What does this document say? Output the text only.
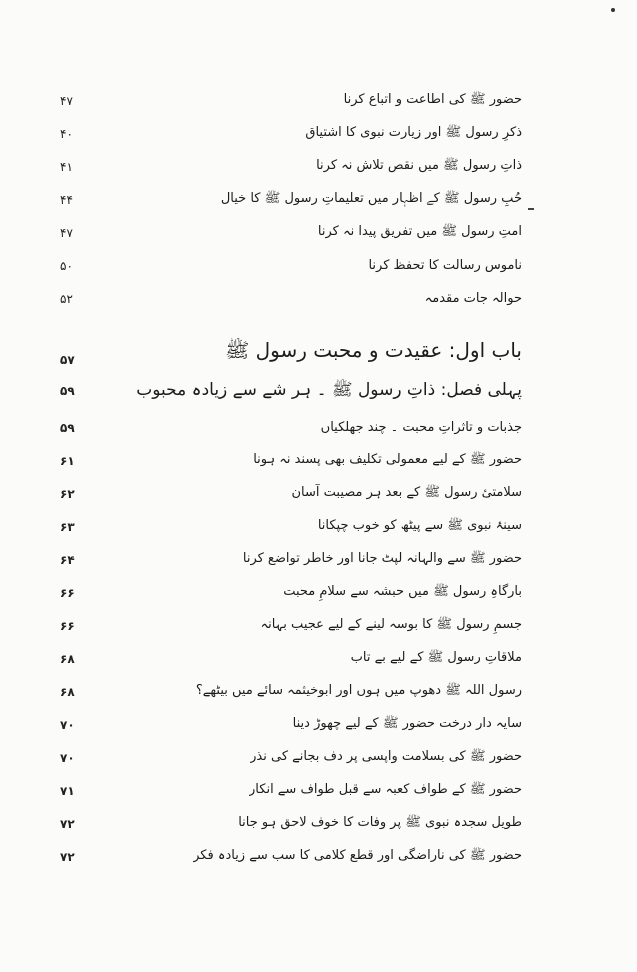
۴۷	حضور ﷺ کی اطاعت و اتباع کرنا
۴۰	ذکرِ رسول ﷺ اور زیارت نبوی کا اشتیاق
۴۱	ذاتِ رسول ﷺ میں نقص تلاش نہ کرنا
۴۴	حُبِ رسول ﷺ کے اظہار میں تعلیماتِ رسول ﷺ کا خیال
۴۷	امتِ رسول ﷺ میں تفریق پیدا نہ کرنا
۵۰	ناموسِ رسالت کا تحفظ کرنا
۵۲	حوالہ جات مقدمہ
۵۷	باب اول: عقیدت و محبت رسول ﷺ
۵۹	پہلی فصل: ذاتِ رسول ﷺ ۔ ہر شے سے زیادہ محبوب
۵۹	جذبات و تاثراتِ محبت ۔ چند جھلکیاں
۶۱	حضور ﷺ کے لیے معمولی تکلیف بھی پسند نہ ہونا
۶۲	سلامتیٔ رسول ﷺ کے بعد ہر مصیبت آسان
۶۳	سینۂ نبوی ﷺ سے پیٹھ کو خوب چپکانا
۶۴	حضور ﷺ سے والہانہ لپٹ جانا اور خاطر تواضع کرنا
۶۶	بارگاہِ رسول ﷺ میں حبشہ سے سلامِ محبت
۶۶	جسمِ رسول ﷺ کا بوسہ لینے کے لیے عجیب بہانہ
۶۸	ملاقاتِ رسول ﷺ کے لیے بے تاب
۶۸	رسول اللہ ﷺ دھوپ میں ہوں اور ابوخیثمہ سائے میں بیٹھے؟
۷۰	سایہ دار درخت حضور ﷺ کے لیے چھوڑ دینا
۷۰	حضور ﷺ کی بسلامت واپسی پر دف بجانے کی نذر
۷۱	حضور ﷺ کے طواف کعبہ سے قبل طواف سے انکار
۷۲	طویل سجدہ نبوی ﷺ پر وفات کا خوف لاحق ہو جانا
۷۲	حضور ﷺ کی ناراضگی اور قطع کلامی کا سب سے زیادہ فکر
